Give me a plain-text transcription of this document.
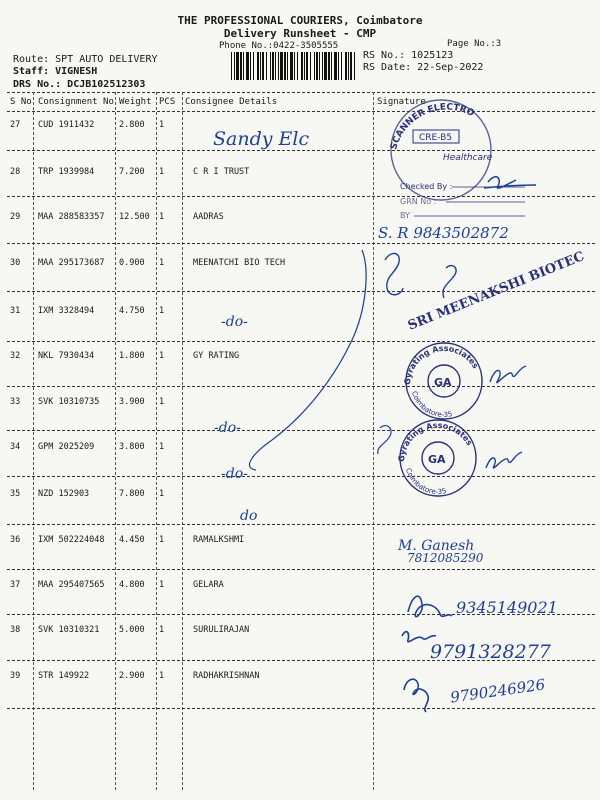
THE PROFESSIONAL COURIERS, Coimbatore
Delivery Runsheet - CMP
Phone No.:0422-3505555	Page No.:3
RS No.: 1025123
RS Date: 22-Sep-2022
Route: SPT AUTO DELIVERY
Staff: VIGNESH
DRS No.: DCJB102512303
S No Consignment No Weight PCS Consignee Details	Signature
27 CUD 1911432	2.800 1
28 TRP 1939984	7.200 1	C R I TRUST
29 MAA 288583357 12.500 1	AADRAS
30 MAA 295173687 0.900 1	MEENATCHI BIO TECH
31 IXM 3328494	4.750 1
32 NKL 7930434	1.800 1	GY RATING
33 SVK 10310735 3.900 1
34 GPM 2025209	3.800 1
35 NZD 152903	7.800 1
36 IXM 502224048 4.450 1	RAMALKSHMI
37 MAA 295407565 4.800 1	GELARA
38 SVK 10310321 5.000 1	SURULIRAJAN
39 STR 149922	2.900 1	RADHAKRISHNAN
Sandy Elc
S. R 9843502872
-do-
-do-
-do-
do
M. Ganesh
7812085290
9345149021
9791328277
9790246926
SCANNER ELECTRO
CRE-B5
Healthcare
Checked By :
GRN No :
BY
SRI MEENAKSHI BIOTEC
Gyrating Associates
Coimbatore-35
GA
Gyrating Associates
Coimbatore-35
GA
